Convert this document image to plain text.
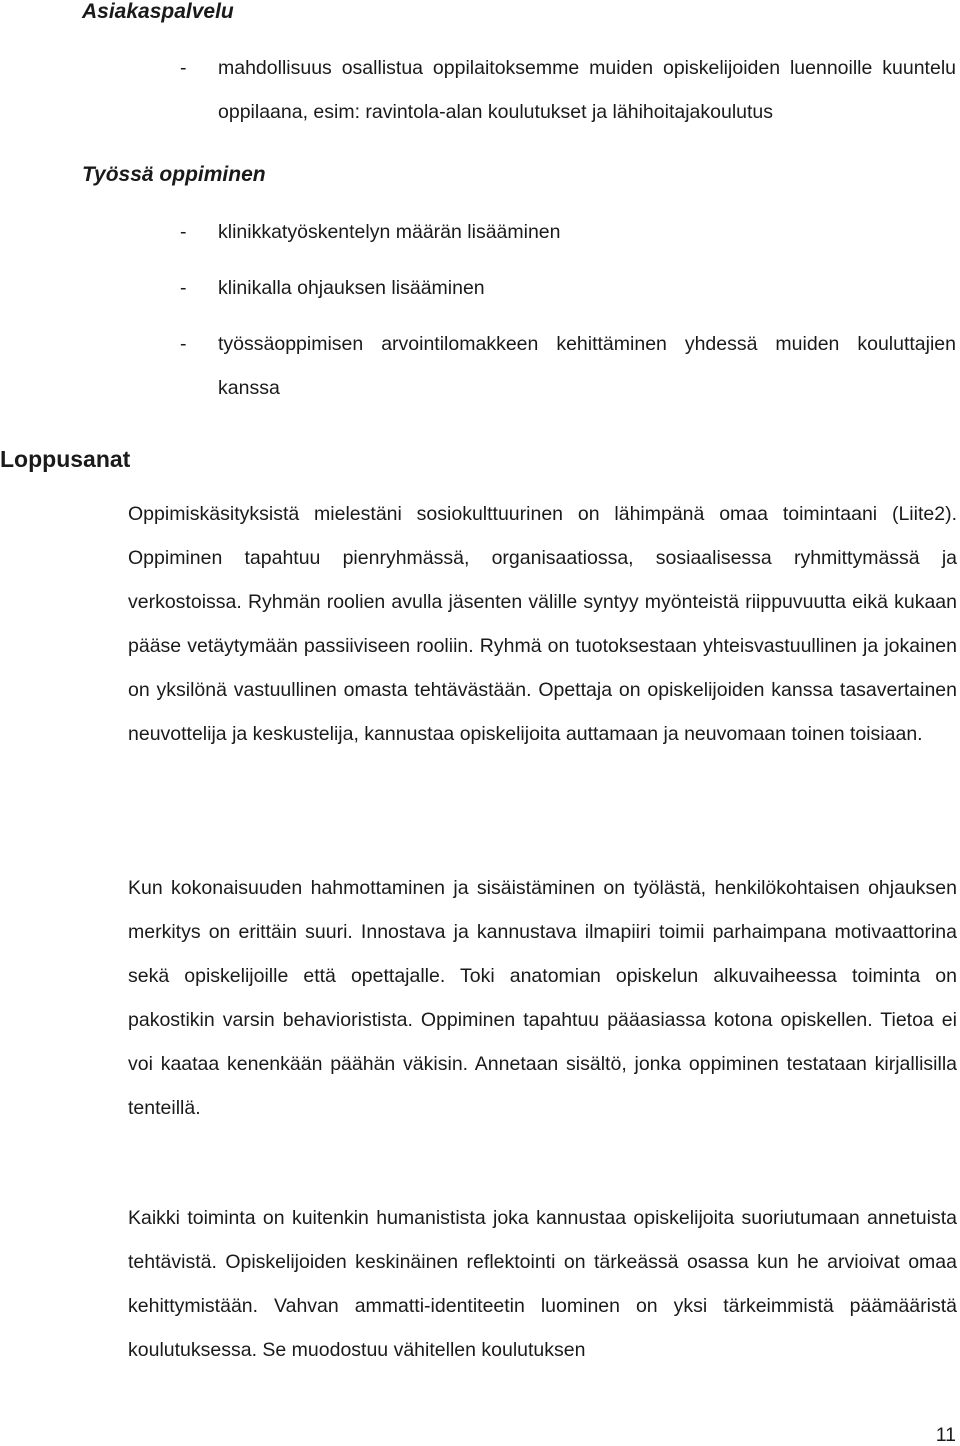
Asiakaspalvelu
- mahdollisuus osallistua oppilaitoksemme muiden opiskelijoiden luennoille kuuntelu oppilaana, esim: ravintola-alan koulutukset ja lähihoitajakoulutus
Työssä oppiminen
- klinikkatyöskentelyn määrän lisääminen
- klinikalla ohjauksen lisääminen
- työssäoppimisen arvointilomakkeen kehittäminen yhdessä muiden kouluttajien kanssa
Loppusanat

Oppimiskäsityksistä mielestäni sosiokulttuurinen on lähimpänä omaa toimintaani (Liite2). Oppiminen tapahtuu pienryhmässä, organisaatiossa, sosiaalisessa ryhmittymässä ja verkostoissa. Ryhmän roolien avulla jäsenten välille syntyy myönteistä riippuvuutta eikä kukaan pääse vetäytymään passiiviseen rooliin. Ryhmä on tuotoksestaan yhteisvastuullinen ja jokainen on yksilönä vastuullinen omasta tehtävästään. Opettaja on opiskelijoiden kanssa tasavertainen neuvottelija ja keskustelija, kannustaa opiskelijoita auttamaan ja neuvomaan toinen toisiaan.

Kun kokonaisuuden hahmottaminen ja sisäistäminen on työlästä, henkilökohtaisen ohjauksen merkitys on erittäin suuri. Innostava ja kannustava ilmapiiri toimii parhaimpana motivaattorina sekä opiskelijoille että opettajalle. Toki anatomian opiskelun alkuvaiheessa toiminta on pakostikin varsin behavioristista. Oppiminen tapahtuu pääasiassa kotona opiskellen. Tietoa ei voi kaataa kenenkään päähän väkisin. Annetaan sisältö, jonka oppiminen testataan kirjallisilla tenteillä.

Kaikki toiminta on kuitenkin humanistista joka kannustaa opiskelijoita suoriutumaan annetuista tehtävistä. Opiskelijoiden keskinäinen reflektointi on tärkeässä osassa kun he arvioivat omaa kehittymistään. Vahvan ammatti-identiteetin luominen on yksi tärkeimmistä päämääristä koulutuksessa. Se muodostuu vähitellen koulutuksen

11
